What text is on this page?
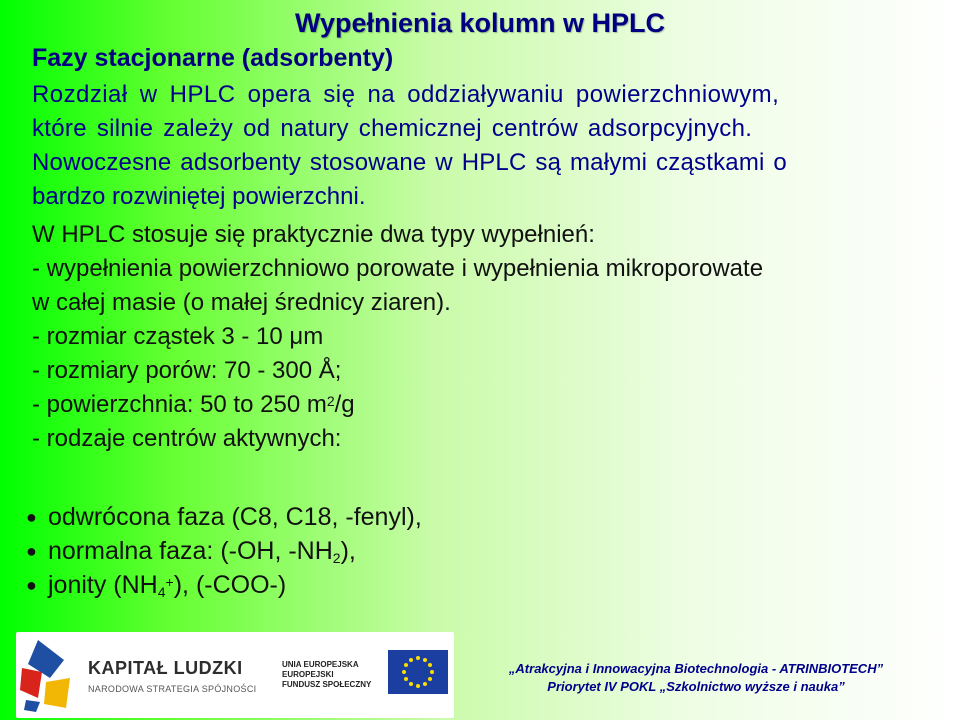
Wypełnienia kolumn w HPLC
Fazy stacjonarne (adsorbenty)

Rozdział w HPLC opera się na oddziaływaniu powierzchniowym,

które silnie zależy od natury chemicznej centrów adsorpcyjnych.

Nowoczesne adsorbenty stosowane w HPLC są małymi cząstkami o

bardzo rozwiniętej powierzchni.

W HPLC stosuje się praktycznie dwa typy wypełnień:

- wypełnienia powierzchniowo porowate i wypełnienia mikroporowate

w całej masie (o małej średnicy ziaren).

- rozmiar cząstek 3 - 10 μm

- rozmiary porów: 70 - 300 Å;

- powierzchnia: 50 to 250 $m^2/g$

- rodzaje centrów aktywnych:

● odwrócona faza (C8, C18, -fenyl),
● normalna faza: (-OH, $-NH_2$),
● jonity $(NH_4^+)$, (-COO-)
KAPITAŁ LUDZKI
NARODOWA STRATEGIA SPÓJNOŚCI
UNIA EUROPEJSKA
EUROPEJSKI
FUNDUSZ SPOŁECZNY
„Atrakcyjna i Innowacyjna Biotechnologia - ATRINBIOTECH”
Priorytet IV POKL „Szkolnictwo wyższe i nauka”
